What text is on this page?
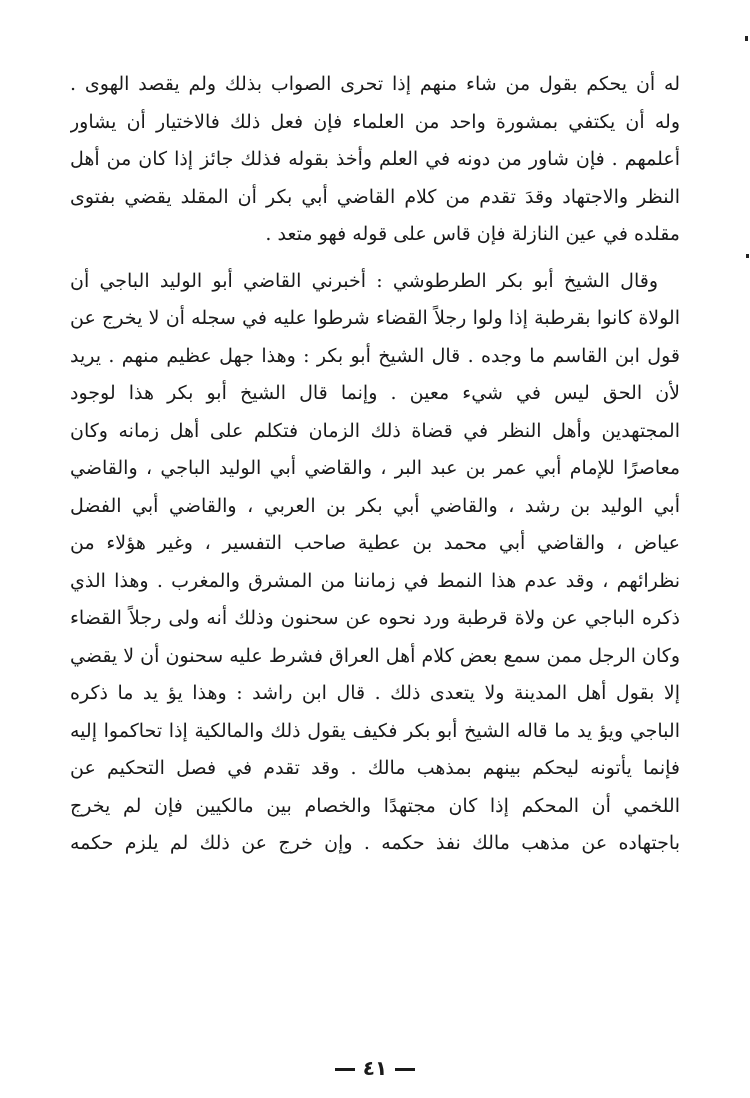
له أن يحكم بقول من شاء منهم إذا تحرى الصواب بذلك ولم يقصد الهوى .
وله أن يكتفي بمشورة واحد من العلماء فإن فعل ذلك فالاختيار أن يشاور
أعلمهم . فإن شاور من دونه في العلم وأخذ بقوله فذلك جائز إذا كان من أهل
النظر والاجتهاد وقدَ تقدم من كلام القاضي أبي بكر أن المقلد يقضي بفتوى
مقلده في عين النازلة فإن قاس على قوله فهو متعد .
وقال الشيخ أبو بكر الطرطوشي : أخبرني القاضي أبو الوليد الباجي أن
الولاة كانوا بقرطبة إذا ولوا رجلاً القضاء شرطوا عليه في سجله أن لا يخرج عن
قول ابن القاسم ما وجده . قال الشيخ أبو بكر : وهذا جهل عظيم منهم . يريد
لأن الحق ليس في شيء معين . وإنما قال الشيخ أبو بكر هذا لوجود
المجتهدين وأهل النظر في قضاة ذلك الزمان فتكلم على أهل زمانه وكان
معاصرًا للإمام أبي عمر بن عبد البر ، والقاضي أبي الوليد الباجي ، والقاضي
أبي الوليد بن رشد ، والقاضي أبي بكر بن العربي ، والقاضي أبي الفضل
عياض ، والقاضي أبي محمد بن عطية صاحب التفسير ، وغير هؤلاء من
نظرائهم ، وقد عدم هذا النمط في زماننا من المشرق والمغرب . وهذا الذي
ذكره الباجي عن ولاة قرطبة ورد نحوه عن سحنون وذلك أنه ولى رجلاً القضاء
وكان الرجل ممن سمع بعض كلام أهل العراق فشرط عليه سحنون أن لا يقضي
إلا بقول أهل المدينة ولا يتعدى ذلك . قال ابن راشد : وهذا يؤ يد ما ذكره
الباجي ويؤ يد ما قاله الشيخ أبو بكر فكيف يقول ذلك والمالكية إذا تحاكموا إليه
فإنما يأتونه ليحكم بينهم بمذهب مالك . وقد تقدم في فصل التحكيم عن
اللخمي أن المحكم إذا كان مجتهدًا والخصام بين مالكيين فإن لم يخرج
باجتهاده عن مذهب مالك نفذ حكمه . وإن خرج عن ذلك لم يلزم حكمه
٤١
